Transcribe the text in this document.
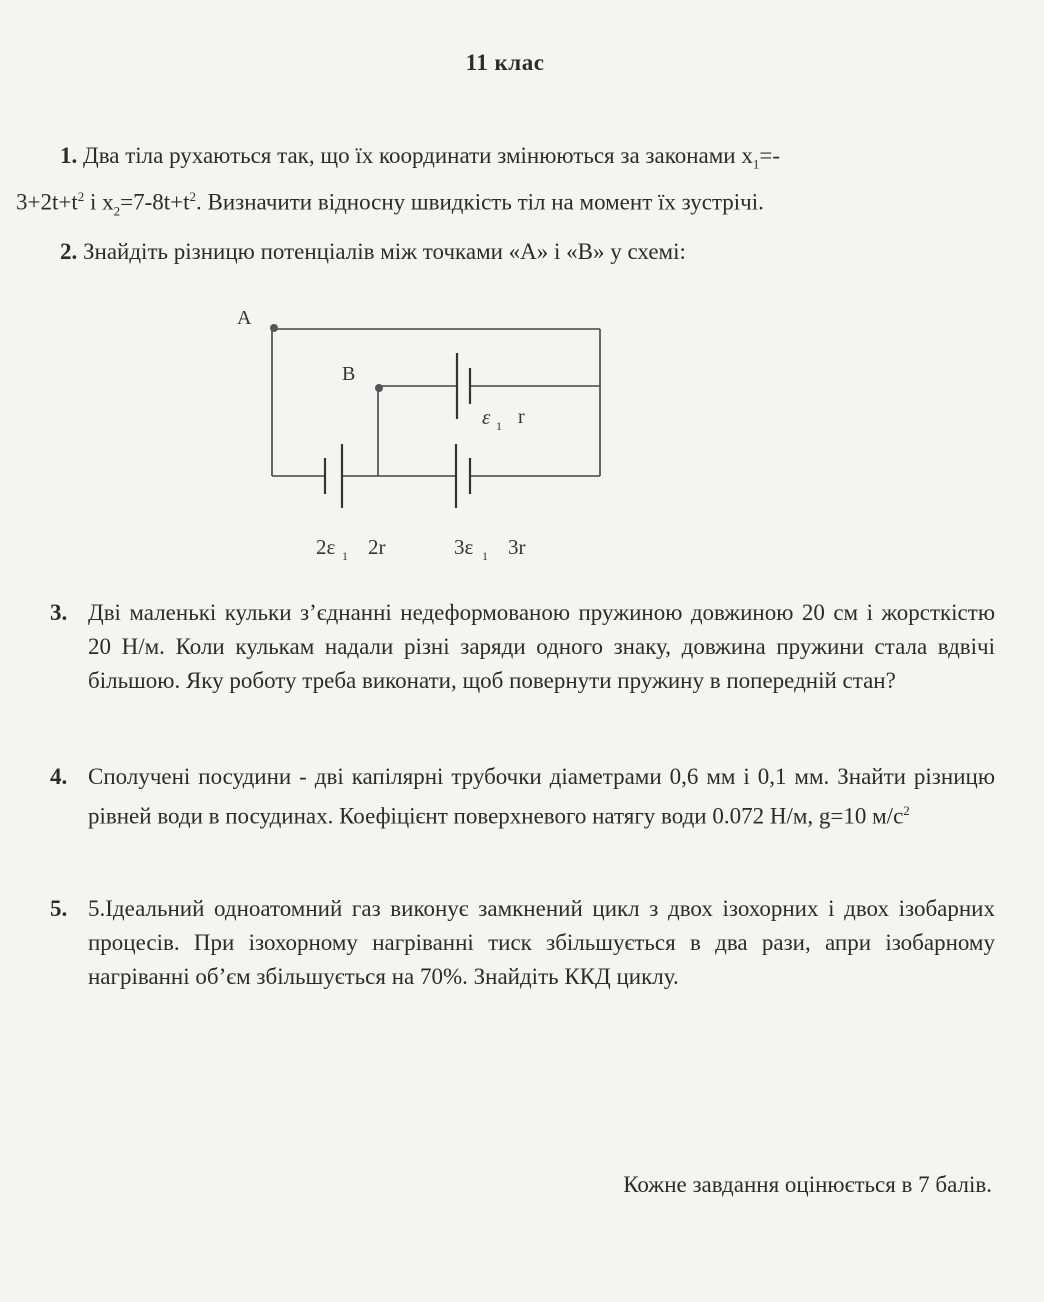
11 клас
1. Два тіла рухаються так, що їх координати змінюються за законами $x_1=-$
$3+2t+t^2$ і $x_2=7-8t+t^2$. Визначити відносну швидкість тіл на момент їх зустрічі.
2. Знайдіть різницю потенціалів між точками «А» і «В» у схемі:
A
B
ε 1 r
2ε 1 2r	3ε 1 3r
3. Дві маленькі кульки з’єднанні недеформованою пружиною довжиною 20 см і жорсткістю 20 Н/м. Коли кулькам надали різні заряди одного знаку, довжина пружини стала вдвічі більшою. Яку роботу треба виконати, щоб повернути пружину в попередній стан?
4. Сполучені посудини - дві капілярні трубочки діаметрами 0,6 мм і 0,1 мм. Знайти різницю рівней води в посудинах. Коефіцієнт поверхневого натягу води 0.072 Н/м, g=10 $м/с^2$
5. 5.Ідеальний одноатомний газ виконує замкнений цикл з двох ізохорних і двох ізобарних процесів. При ізохорному нагріванні тиск збільшується в два рази, апри ізобарному нагріванні об’єм збільшується на 70%. Знайдіть ККД циклу.
Кожне завдання оцінюється в 7 балів.
